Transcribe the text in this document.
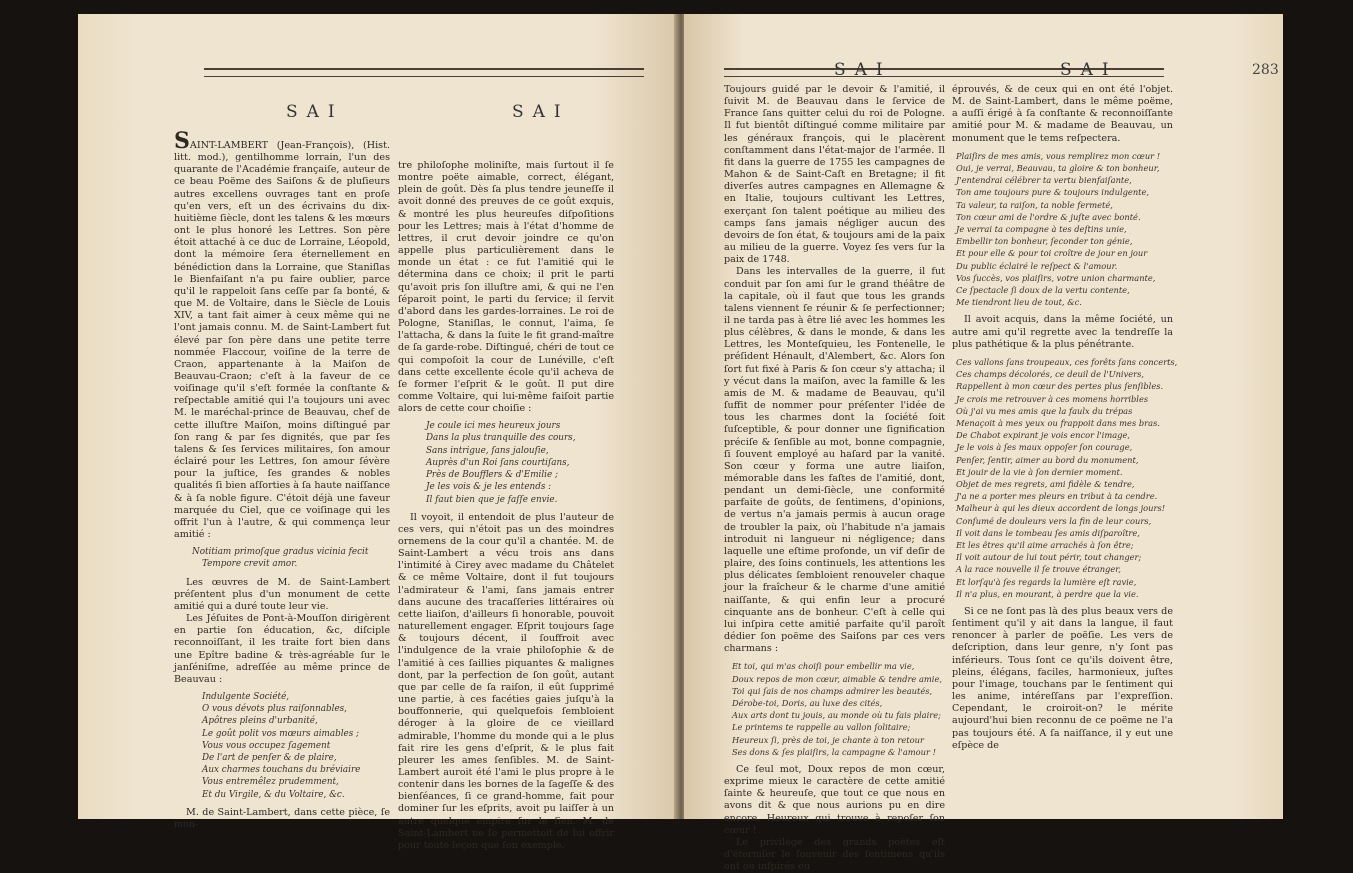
SAI	SAI

SAINT-LAMBERT (Jean-François), (Hist. litt. mod.), gentilhomme lorrain, l'un des quarante de l'Académie françaiſe, auteur de ce beau Poëme des Saiſons & de pluſieurs autres excellens ouvrages tant en proſe qu'en vers, eſt un des écrivains du dix-huitième ſiècle, dont les talens & les mœurs ont le plus honoré les Lettres. Son père étoit attaché à ce duc de Lorraine, Léopold, dont la mémoire ſera éternellement en bénédiction dans la Lorraine, que Staniſlas le Bienfaiſant n'a pu faire oublier, parce qu'il le rappeloit ſans ceſſe par ſa bonté, & que M. de Voltaire, dans le Siècle de Louis XIV, a tant fait aimer à ceux même qui ne l'ont jamais connu. M. de Saint-Lambert fut élevé par ſon père dans une petite terre nommée Flaccour, voiſine de la terre de Craon, appartenante à la Maiſon de Beauvau-Craon; c'eſt à la faveur de ce voiſinage qu'il s'eſt formée la conſtante & reſpectable amitié qui l'a toujours uni avec M. le maréchal-prince de Beauvau, chef de cette illuſtre Maiſon, moins diſtingué par ſon rang & par ſes dignités, que par ſes talens & ſes ſervices militaires, ſon amour éclairé pour les Lettres, ſon amour ſévère pour la juſtice, ſes grandes & nobles qualités ſi bien aſſorties à ſa haute naiſſance & à ſa noble figure. C'étoit déjà une faveur marquée du Ciel, que ce voiſinage qui les offrit l'un à l'autre, & qui commença leur amitié :

Notitiam primoſque gradus vicinia fecit
Tempore crevit amor.

Les œuvres de M. de Saint-Lambert préſentent plus d'un monument de cette amitié qui a duré toute leur vie.

Les Jéſuites de Pont-à-Mouſſon dirigèrent en partie ſon éducation, &c, diſciple reconnoiſſant, il les traite fort bien dans une Epître badine & très-agréable ſur le janſéniſme, adreſſée au même prince de Beauvau :

Indulgente Société,
O vous dévots plus raiſonnables,
Apôtres pleins d'urbanité,
Le goût polit vos mœurs aimables ;
Vous vous occupez ſagement
De l'art de penſer & de plaire,
Aux charmes touchans du bréviaire
Vous entremêlez prudemment,
Et du Virgile, & du Voltaire, &c.

M. de Saint-Lambert, dans cette pièce, ſe mon-

tre philoſophe moliniſte, mais ſurtout il ſe montre poëte aimable, correct, élégant, plein de goût. Dès ſa plus tendre jeuneſſe il avoit donné des preuves de ce goût exquis, & montré les plus heureuſes diſpoſitions pour les Lettres; mais à l'état d'homme de lettres, il crut devoir joindre ce qu'on appelle plus particulièrement dans le monde un état : ce fut l'amitié qui le détermina dans ce choix; il prit le parti qu'avoit pris ſon illuſtre ami, & qui ne l'en ſéparoit point, le parti du ſervice; il ſervit d'abord dans les gardes-lorraines. Le roi de Pologne, Staniſlas, le connut, l'aima, ſe l'attacha, & dans la ſuite le fit grand-maître de ſa garde-robe. Diſtingué, chéri de tout ce qui compoſoit la cour de Lunéville, c'eſt dans cette excellente école qu'il acheva de ſe former l'eſprit & le goût. Il put dire comme Voltaire, qui lui-même faiſoit partie alors de cette cour choiſie :

Je coule ici mes heureux jours
Dans la plus tranquille des cours,
Sans intrigue, ſans jalouſie,
Auprès d'un Roi ſans courtiſans,
Près de Boufflers & d'Emilie ;
Je les vois & je les entends :
Il faut bien que je faſſe envie.

Il voyoit, il entendoit de plus l'auteur de ces vers, qui n'étoit pas un des moindres ornemens de la cour qu'il a chantée. M. de Saint-Lambert a vécu trois ans dans l'intimité à Cirey avec madame du Châtelet & ce même Voltaire, dont il fut toujours l'admirateur & l'ami, ſans jamais entrer dans aucune des tracaſſeries littéraires où cette liaiſon, d'ailleurs ſi honorable, pouvoit naturellement engager. Eſprit toujours ſage & toujours décent, il ſouffroit avec l'indulgence de la vraie philoſophie & de l'amitié à ces ſaillies piquantes & malignes dont, par la perfection de ſon goût, autant que par celle de ſa raiſon, il eût ſupprimé une partie, à ces facéties gaies juſqu'à la bouffonnerie, qui quelquefois ſembloient déroger à la gloire de ce vieillard admirable, l'homme du monde qui a le plus fait rire les gens d'eſprit, & le plus fait pleurer les ames ſenſibles. M. de Saint-Lambert auroit été l'ami le plus propre à le contenir dans les bornes de la ſageſſe & des bienſéances, ſi ce grand-homme, fait pour dominer ſur les eſprits, avoit pu laiſſer à un autre quelque empire ſur le ſien. M. de Saint-Lambert ne ſe permettoit de lui offrir pour toute leçon que ſon exemple.

SAI	SAI	283

Toujours guidé par le devoir & l'amitié, il ſuivit M. de Beauvau dans le ſervice de France ſans quitter celui du roi de Pologne. Il fut bientôt diſtingué comme militaire par les généraux françois, qui le placèrent conſtamment dans l'état-major de l'armée. Il fit dans la guerre de 1755 les campagnes de Mahon & de Saint-Caſt en Bretagne; il fit diverſes autres campagnes en Allemagne & en Italie, toujours cultivant les Lettres, exerçant ſon talent poétique au milieu des camps ſans jamais négliger aucun des devoirs de ſon état, & toujours ami de la paix au milieu de la guerre. Voyez ſes vers ſur la paix de 1748.

Dans les intervalles de la guerre, il fut conduit par ſon ami ſur le grand théâtre de la capitale, où il faut que tous les grands talens viennent ſe réunir & ſe perfectionner; il ne tarda pas à être lié avec les hommes les plus célèbres, & dans le monde, & dans les Lettres, les Monteſquieu, les Fontenelle, le préſident Hénault, d'Alembert, &c. Alors ſon ſort fut fixé à Paris & ſon cœur s'y attacha; il y vécut dans la maiſon, avec la famille & les amis de M. & madame de Beauvau, qu'il ſuffit de nommer pour préſenter l'idée de tous les charmes dont la ſociété ſoit ſuſceptible, & pour donner une ſignification préciſe & ſenſible au mot, bonne compagnie, ſi ſouvent employé au haſard par la vanité. Son cœur y forma une autre liaiſon, mémorable dans les faſtes de l'amitié, dont, pendant un demi-ſiècle, une conformité parfaite de goûts, de ſentimens, d'opinions, de vertus n'a jamais permis à aucun orage de troubler la paix, où l'habitude n'a jamais introduit ni langueur ni négligence; dans laquelle une eſtime profonde, un vif deſir de plaire, des ſoins continuels, les attentions les plus délicates ſembloient renouveler chaque jour la fraîcheur & le charme d'une amitié naiſſante, & qui enfin leur a procuré cinquante ans de bonheur. C'eſt à celle qui lui inſpira cette amitié parfaite qu'il paroît dédier ſon poëme des Saiſons par ces vers charmans :

Et toi, qui m'as choiſi pour embellir ma vie,
Doux repos de mon cœur, aimable & tendre amie,
Toi qui ſais de nos champs admirer les beautés,
Dérobe-toi, Doris, au luxe des cités,
Aux arts dont tu jouis, au monde où tu fais plaire;
Le printems te rappelle au vallon ſolitaire;
Heureux ſi, près de toi, je chante à ton retour
Ses dons & ſes plaiſirs, la campagne & l'amour !

Ce ſeul mot, Doux repos de mon cœur, exprime mieux le caractère de cette amitié ſainte & heureuſe, que tout ce que nous en avons dit & que nous aurions pu en dire encore. Heureux qui trouve à repoſer ſon cœur !

Le privilège des grands poëtes eſt d'éterniſer le ſouvenir des ſentimens qu'ils ont ou inſpirés ou

éprouvés, & de ceux qui en ont été l'objet. M. de Saint-Lambert, dans le même poëme, a auſſi érigé à ſa conſtante & reconnoiſſante amitié pour M. & madame de Beauvau, un monument que le tems reſpectera.

Plaiſirs de mes amis, vous remplirez mon cœur !
Oui, je verrai, Beauvau, ta gloire & ton bonheur,
J'entendrai célébrer ta vertu bienfaiſante,
Ton ame toujours pure & toujours indulgente,
Ta valeur, ta raiſon, ta noble fermeté,
Ton cœur ami de l'ordre & juſte avec bonté.
Je verrai ta compagne à tes deſtins unie,
Embellir ton bonheur, ſeconder ton génie,
Et pour elle & pour toi croître de jour en jour
Du public éclairé le reſpect & l'amour.
Vos ſuccès, vos plaiſirs, votre union charmante,
Ce ſpectacle ſi doux de la vertu contente,
Me tiendront lieu de tout, &c.

Il avoit acquis, dans la même ſociété, un autre ami qu'il regrette avec la tendreſſe la plus pathétique & la plus pénétrante.

Ces vallons ſans troupeaux, ces forêts ſans concerts,
Ces champs décolorés, ce deuil de l'Univers,
Rappellent à mon cœur des pertes plus ſenſibles.
Je crois me retrouver à ces momens horribles
Où j'ai vu mes amis que la faulx du trépas
Menaçoit à mes yeux ou frappoit dans mes bras.
De Chabot expirant je vois encor l'image,
Je le vois à ſes maux oppoſer ſon courage,
Penſer, ſentir, aimer au bord du monument,
Et jouir de la vie à ſon dernier moment.
Objet de mes regrets, ami fidèle & tendre,
J'a ne a porter mes pleurs en tribut à ta cendre.
Malheur à qui les dieux accordent de longs jours!
Conſumé de douleurs vers la fin de leur cours,
Il voit dans le tombeau ſes amis diſparoître,
Et les êtres qu'il aime arrachés à ſon être;
Il voit autour de lui tout périr, tout changer;
A la race nouvelle il ſe trouve étranger,
Et lorſqu'à ſes regards la lumière eſt ravie,
Il n'a plus, en mourant, à perdre que la vie.

Si ce ne ſont pas là des plus beaux vers de ſentiment qu'il y ait dans la langue, il faut renoncer à parler de poëſie. Les vers de deſcription, dans leur genre, n'y ſont pas inférieurs. Tous ſont ce qu'ils doivent être, pleins, élégans, faciles, harmonieux, juſtes pour l'image, touchans par le ſentiment qui les anime, intéreſſans par l'expreſſion. Cependant, le croiroit-on? le mérite aujourd'hui bien reconnu de ce poëme ne l'a pas toujours été. A ſa naiſſance, il y eut une eſpèce de
